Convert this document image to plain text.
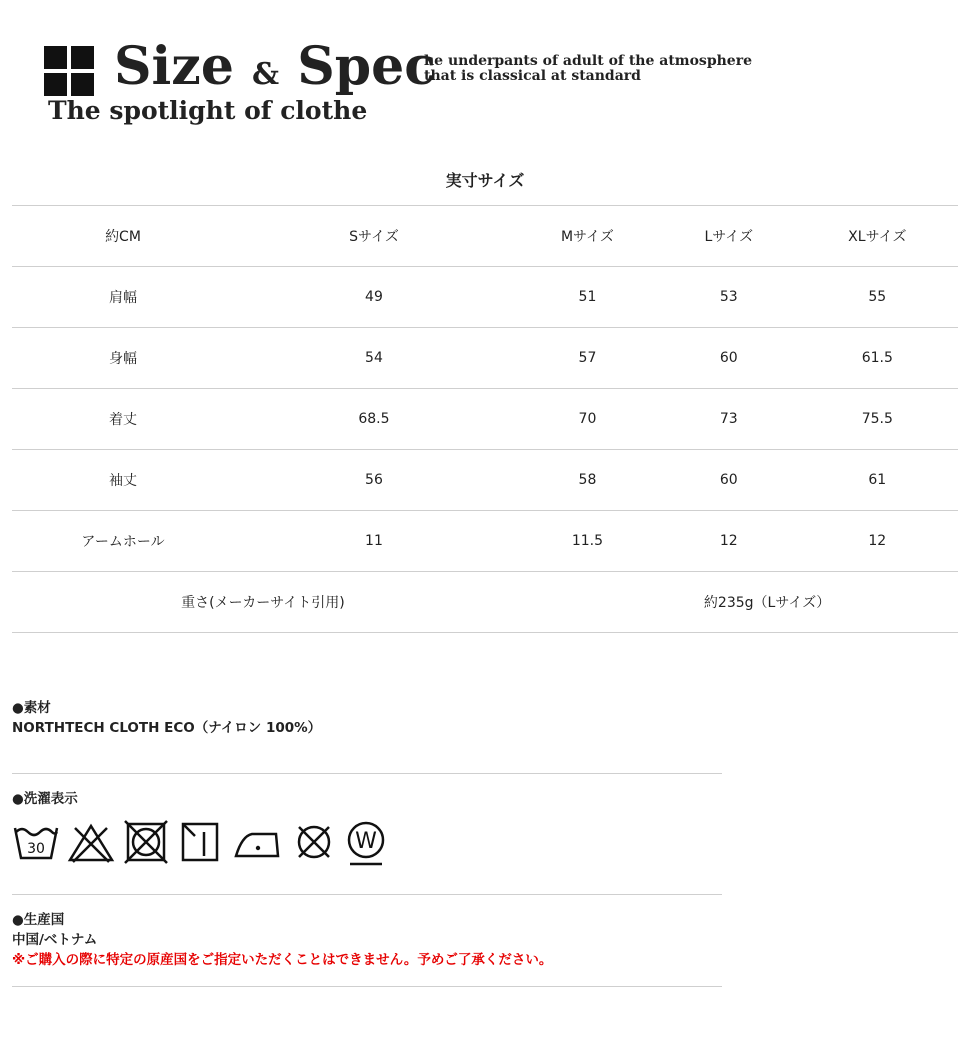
Size & Spec
The spotlight of clothe
he underpants of adult of the atmosphere
that is classical at standard
実寸サイズ
約CM	Sサイズ	Mサイズ	Lサイズ	XLサイズ
肩幅	49	51	53	55
身幅	54	57	60	61.5
着丈	68.5	70	73	75.5
袖丈	56	58	60	61
アームホール	11	11.5	12	12
重さ(メーカーサイト引用)		約235g（Lサイズ）		
●素材
NORTHTECH CLOTH ECO（ナイロン 100%）
●洗濯表示
30	W
●生産国
中国/ベトナム
※ご購入の際に特定の原産国をご指定いただくことはできません。予めご了承ください。
